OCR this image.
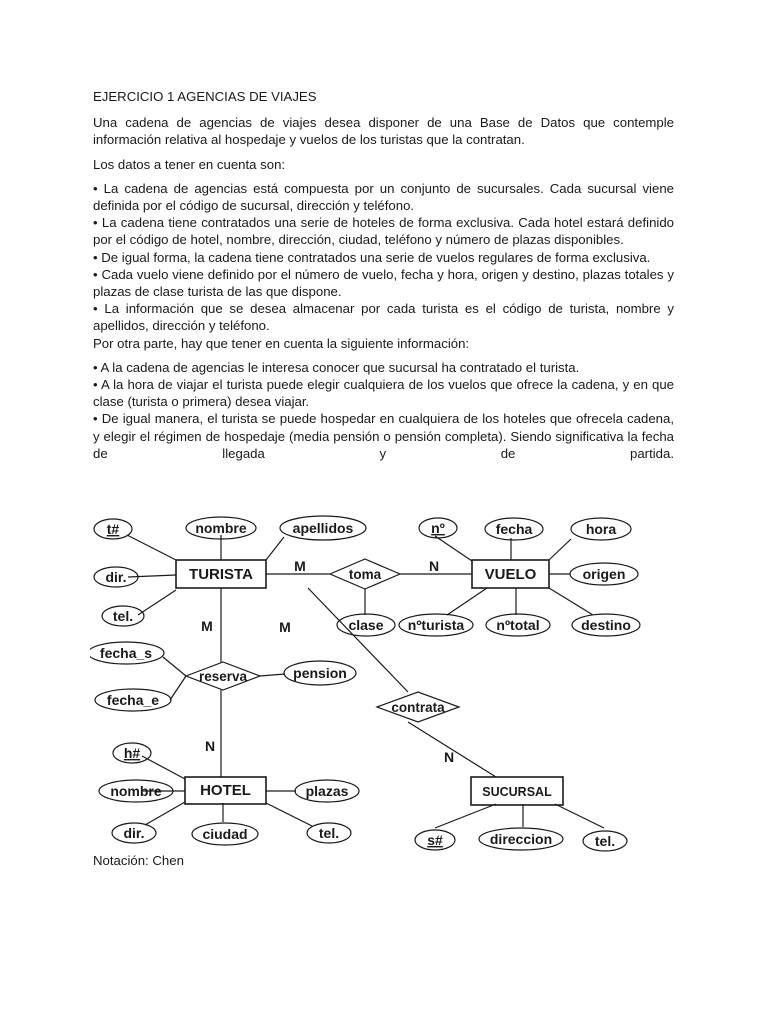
EJERCICIO 1 AGENCIAS DE VIAJES

Una cadena de agencias de viajes desea disponer de una Base de Datos que contemple información relativa al hospedaje y vuelos de los turistas que la contratan.

Los datos a tener en cuenta son:

• La cadena de agencias está compuesta por un conjunto de sucursales. Cada sucursal viene definida por el código de sucursal, dirección y teléfono.

• La cadena tiene contratados una serie de hoteles de forma exclusiva. Cada hotel estará definido por el código de hotel, nombre, dirección, ciudad, teléfono y número de plazas disponibles.

• De igual forma, la cadena tiene contratados una serie de vuelos regulares de forma exclusiva.

• Cada vuelo viene definido por el número de vuelo, fecha y hora, origen y destino, plazas totales y plazas de clase turista de las que dispone.

• La información que se desea almacenar por cada turista es el código de turista, nombre y apellidos, dirección y teléfono.

Por otra parte, hay que tener en cuenta la siguiente información:

• A la cadena de agencias le interesa conocer que sucursal ha contratado el turista.

• A la hora de viajar el turista puede elegir cualquiera de los vuelos que ofrece la cadena, y en que clase (turista o primera) desea viajar.

• De igual manera, el turista se puede hospedar en cualquiera de los hoteles que ofrecela cadena, y elegir el régimen de hospedaje (media pensión o pensión completa). Siendo significativa la fecha de llegada y de partida.

TURISTA	VUELO
HOTEL	SUCURSAL
toma
reserva
contrata
t#	nombre	apellidos
dir.
tel.
clase
nº	fecha	hora
origen
nºturista nºtotal	destino
fecha_s
fecha_e
pension
h#
nombre	plazas
dir.	ciudad	tel.	s#	direccion	tel.
M	N
M
N
M
N
Notación: Chen
